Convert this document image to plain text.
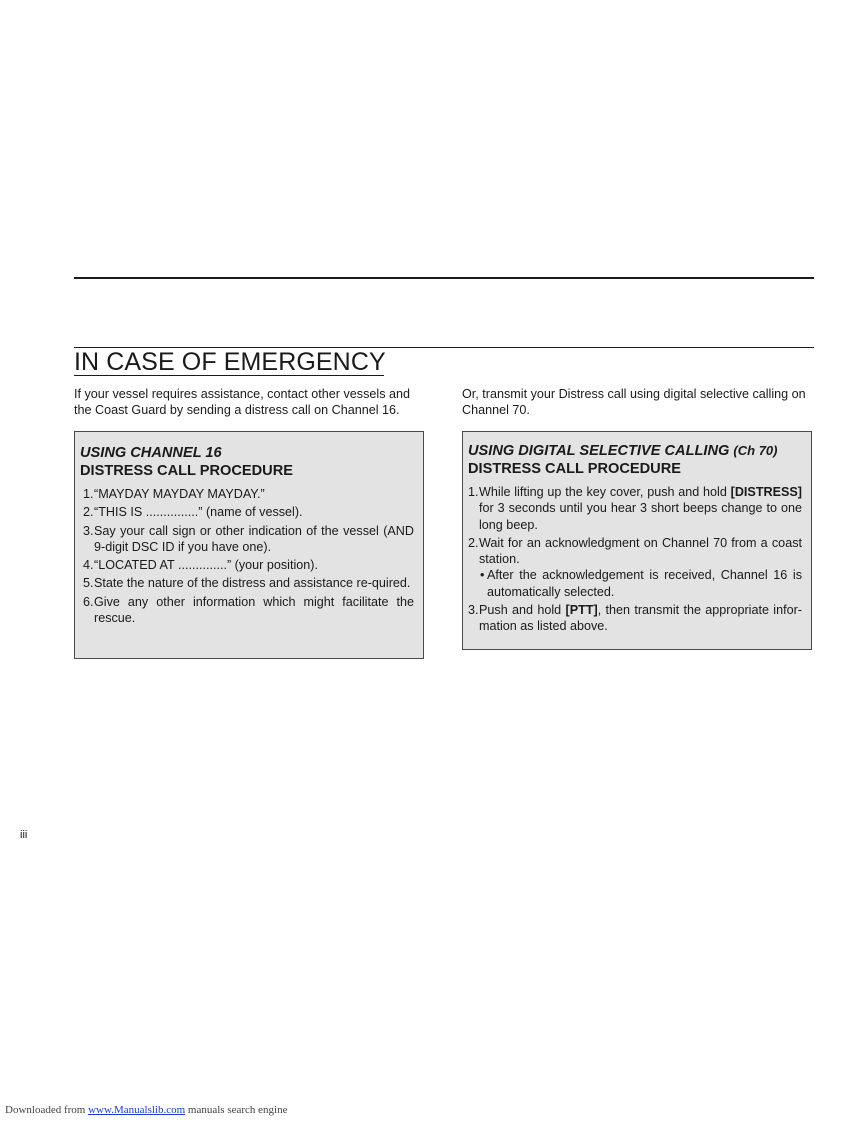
IN CASE OF EMERGENCY

If your vessel requires assistance, contact other vessels and the Coast Guard by sending a distress call on Channel 16.

Or, transmit your Distress call using digital selective calling on Channel 70.

USING CHANNEL 16
DISTRESS CALL PROCEDURE
1. “MAYDAY MAYDAY MAYDAY.”
2. “THIS IS ...............” (name of vessel).
3. Say your call sign or other indication of the vessel (AND 9-digit DSC ID if you have one).
4. “LOCATED AT ..............” (your position).
5. State the nature of the distress and assistance re-quired.
6. Give any other information which might facilitate the rescue.
USING DIGITAL SELECTIVE CALLING (Ch 70)
DISTRESS CALL PROCEDURE
1. While lifting up the key cover, push and hold [DISTRESS] for 3 seconds until you hear 3 short beeps change to one long beep.
2. Wait for an acknowledgment on Channel 70 from a coast station.
• After the acknowledgement is received, Channel 16 is automatically selected.
3. Push and hold [PTT], then transmit the appropriate infor-mation as listed above.
iii
Downloaded from www.Manualslib.com manuals search engine
